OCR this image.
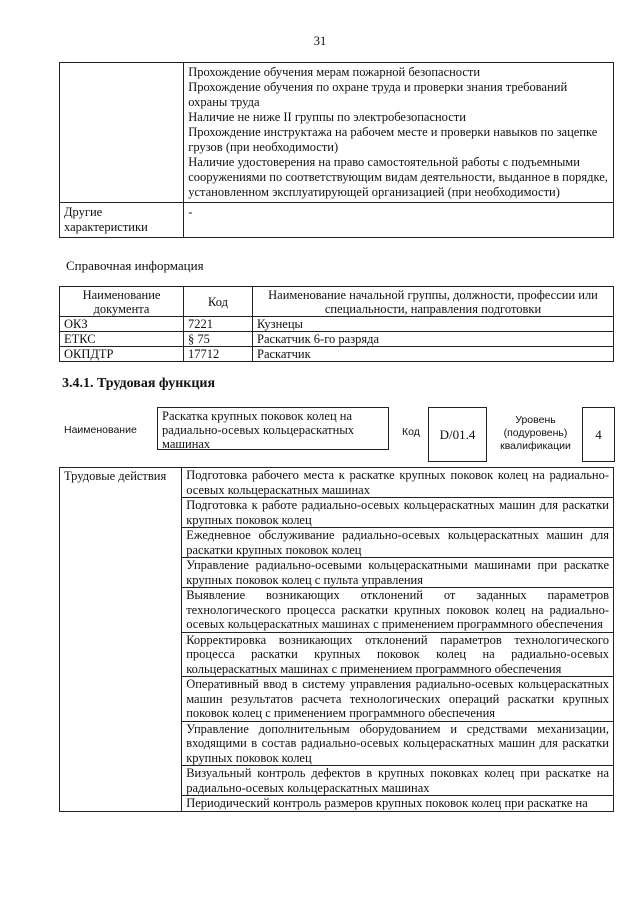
31

	Прохождение обучения мерам пожарной безопасности
Прохождение обучения по охране труда и проверки знания требований охраны труда
Наличие не ниже II группы по электробезопасности
Прохождение инструктажа на рабочем месте и проверки навыков по зацепке грузов (при необходимости)
Наличие удостоверения на право самостоятельной работы с подъемными сооружениями по соответствующим видам деятельности, выданное в порядке, установленном эксплуатирующей организацией (при необходимости)

Другие характеристики	-
Справочная информация
Наименование документа	Код	Наименование начальной группы, должности, профессии или специальности, направления подготовки
ОКЗ	7221	Кузнецы
ЕТКС	§ 75	Раскатчик 6-го разряда
ОКПДТР	17712	Раскатчик
3.4.1. Трудовая функция
Наименование
Раскатка крупных поковок колец на радиально-осевых кольцераскатных машинах
Код	D/01.4
Уровень (подуровень) квалификации
4
Трудовые действия	Подготовка рабочего места к раскатке крупных поковок колец на радиально-осевых кольцераскатных машинах
Подготовка к работе радиально-осевых кольцераскатных машин для раскатки крупных поковок колец
Ежедневное обслуживание радиально-осевых кольцераскатных машин для раскатки крупных поковок колец
Управление радиально-осевыми кольцераскатными машинами при раскатке крупных поковок колец с пульта управления
Выявление возникающих отклонений от заданных параметров технологического процесса раскатки крупных поковок колец на радиально-осевых кольцераскатных машинах с применением программного обеспечения
Корректировка возникающих отклонений параметров технологического процесса раскатки крупных поковок колец на радиально-осевых кольцераскатных машинах с применением программного обеспечения
Оперативный ввод в систему управления радиально-осевых кольцераскатных машин результатов расчета технологических операций раскатки крупных поковок колец с применением программного обеспечения
Управление дополнительным оборудованием и средствами механизации, входящими в состав радиально-осевых кольцераскатных машин для раскатки крупных поковок колец
Визуальный контроль дефектов в крупных поковках колец при раскатке на радиально-осевых кольцераскатных машинах
Периодический контроль размеров крупных поковок колец при раскатке на
